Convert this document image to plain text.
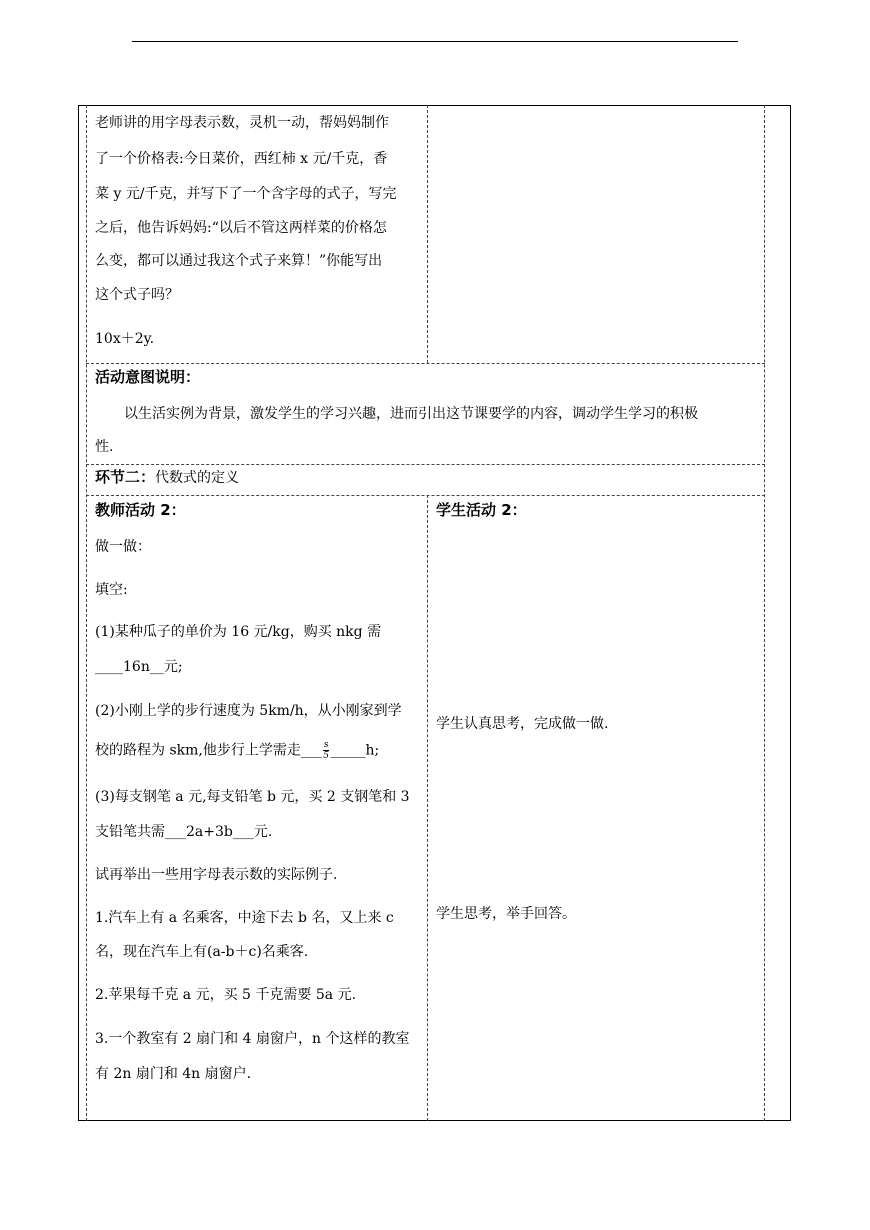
老师讲的用字母表示数，灵机一动，帮妈妈制作
了一个价格表:今日菜价，西红柿 x 元/千克，香
菜 y 元/千克，并写下了一个含字母的式子，写完
之后，他告诉妈妈:“以后不管这两样菜的价格怎
么变，都可以通过我这个式子来算！”你能写出
这个式子吗？
10x＋2y.
活动意图说明：
以生活实例为背景，激发学生的学习兴趣，进而引出这节课要学的内容，调动学生学习的积极
性.
环节二：代数式的定义
教师活动 2：
做一做：
填空:
(1)某种瓜子的单价为 16 元/kg，购买 nkg 需
____16n__元;
(2)小刚上学的步行速度为 5km/h，从小刚家到学
校的路程为 skm,他步行上学需走___ $\frac{s}{5}$ _____h;
(3)每支钢笔 a 元,每支铅笔 b 元，买 2 支钢笔和 3
支铅笔共需___2a+3b___元.
试再举出一些用字母表示数的实际例子.
1.汽车上有 a 名乘客，中途下去 b 名，又上来 c
名，现在汽车上有(a-b＋c)名乘客.
2.苹果每千克 a 元，买 5 千克需要 5a 元.
3.一个教室有 2 扇门和 4 扇窗户，n 个这样的教室
有 2n 扇门和 4n 扇窗户.
学生活动 2：
学生认真思考，完成做一做.
学生思考，举手回答。
